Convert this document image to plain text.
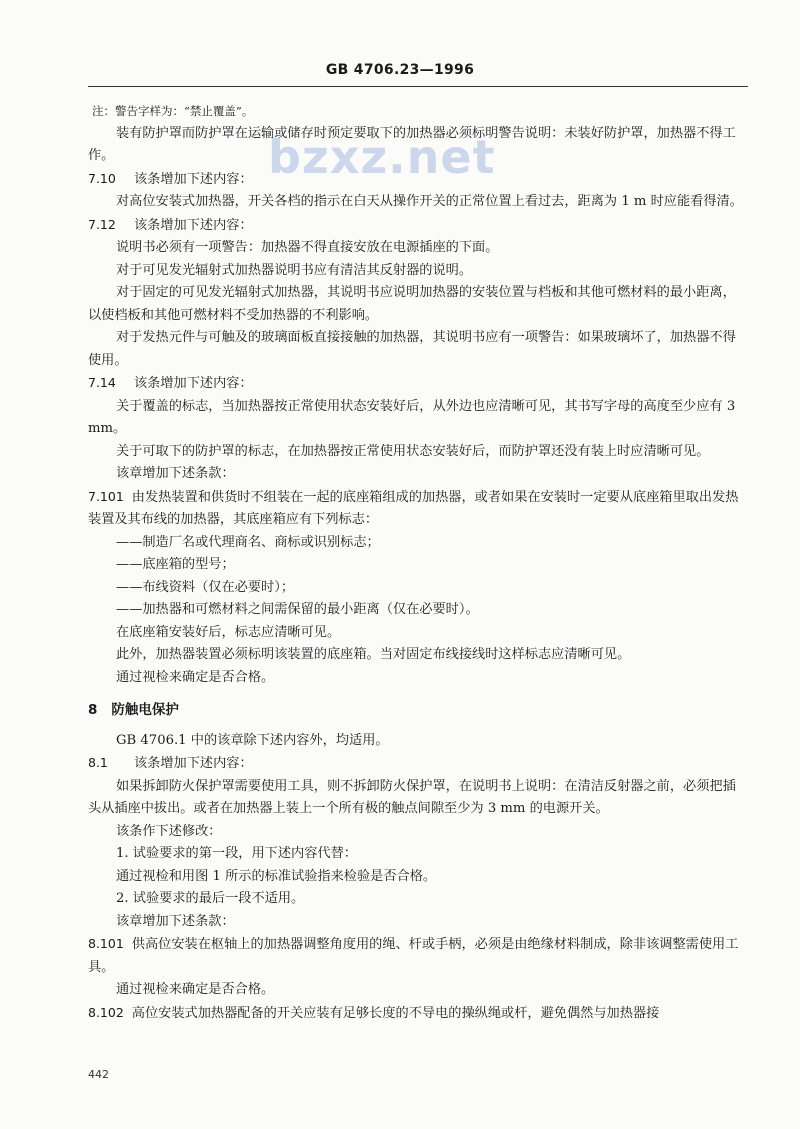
GB 4706.23—1996
bzxz.net

注：警告字样为：“禁止覆盖”。

装有防护罩而防护罩在运输或储存时预定要取下的加热器必须标明警告说明：未装好防护罩，加热器不得工作。

7.10 该条增加下述内容：

对高位安装式加热器，开关各档的指示在白天从操作开关的正常位置上看过去，距离为 1 m 时应能看得清。

7.12 该条增加下述内容：

说明书必须有一项警告：加热器不得直接安放在电源插座的下面。

对于可见发光辐射式加热器说明书应有清洁其反射器的说明。

对于固定的可见发光辐射式加热器，其说明书应说明加热器的安装位置与档板和其他可燃材料的最小距离，以使档板和其他可燃材料不受加热器的不利影响。

对于发热元件与可触及的玻璃面板直接接触的加热器，其说明书应有一项警告：如果玻璃坏了，加热器不得使用。

7.14 该条增加下述内容：

关于覆盖的标志，当加热器按正常使用状态安装好后，从外边也应清晰可见，其书写字母的高度至少应有 3 mm。

关于可取下的防护罩的标志，在加热器按正常使用状态安装好后，而防护罩还没有装上时应清晰可见。

该章增加下述条款：

7.101 由发热装置和供货时不组装在一起的底座箱组成的加热器，或者如果在安装时一定要从底座箱里取出发热装置及其布线的加热器，其底座箱应有下列标志：

——制造厂名或代理商名、商标或识别标志；

——底座箱的型号；

——布线资料（仅在必要时）；

——加热器和可燃材料之间需保留的最小距离（仅在必要时）。

在底座箱安装好后，标志应清晰可见。

此外，加热器装置必须标明该装置的底座箱。当对固定布线接线时这样标志应清晰可见。

通过视检来确定是否合格。

8 防触电保护

GB 4706.1 中的该章除下述内容外，均适用。

8.1 该条增加下述内容：

如果拆卸防火保护罩需要使用工具，则不拆卸防火保护罩，在说明书上说明：在清洁反射器之前，必须把插头从插座中拔出。或者在加热器上装上一个所有极的触点间隙至少为 3 mm 的电源开关。

该条作下述修改：

1. 试验要求的第一段，用下述内容代替：

通过视检和用图 1 所示的标准试验指来检验是否合格。

2. 试验要求的最后一段不适用。

该章增加下述条款：

8.101 供高位安装在枢轴上的加热器调整角度用的绳、杆或手柄，必须是由绝缘材料制成，除非该调整需使用工具。

通过视检来确定是否合格。

8.102 高位安装式加热器配备的开关应装有足够长度的不导电的操纵绳或杆，避免偶然与加热器接

442
